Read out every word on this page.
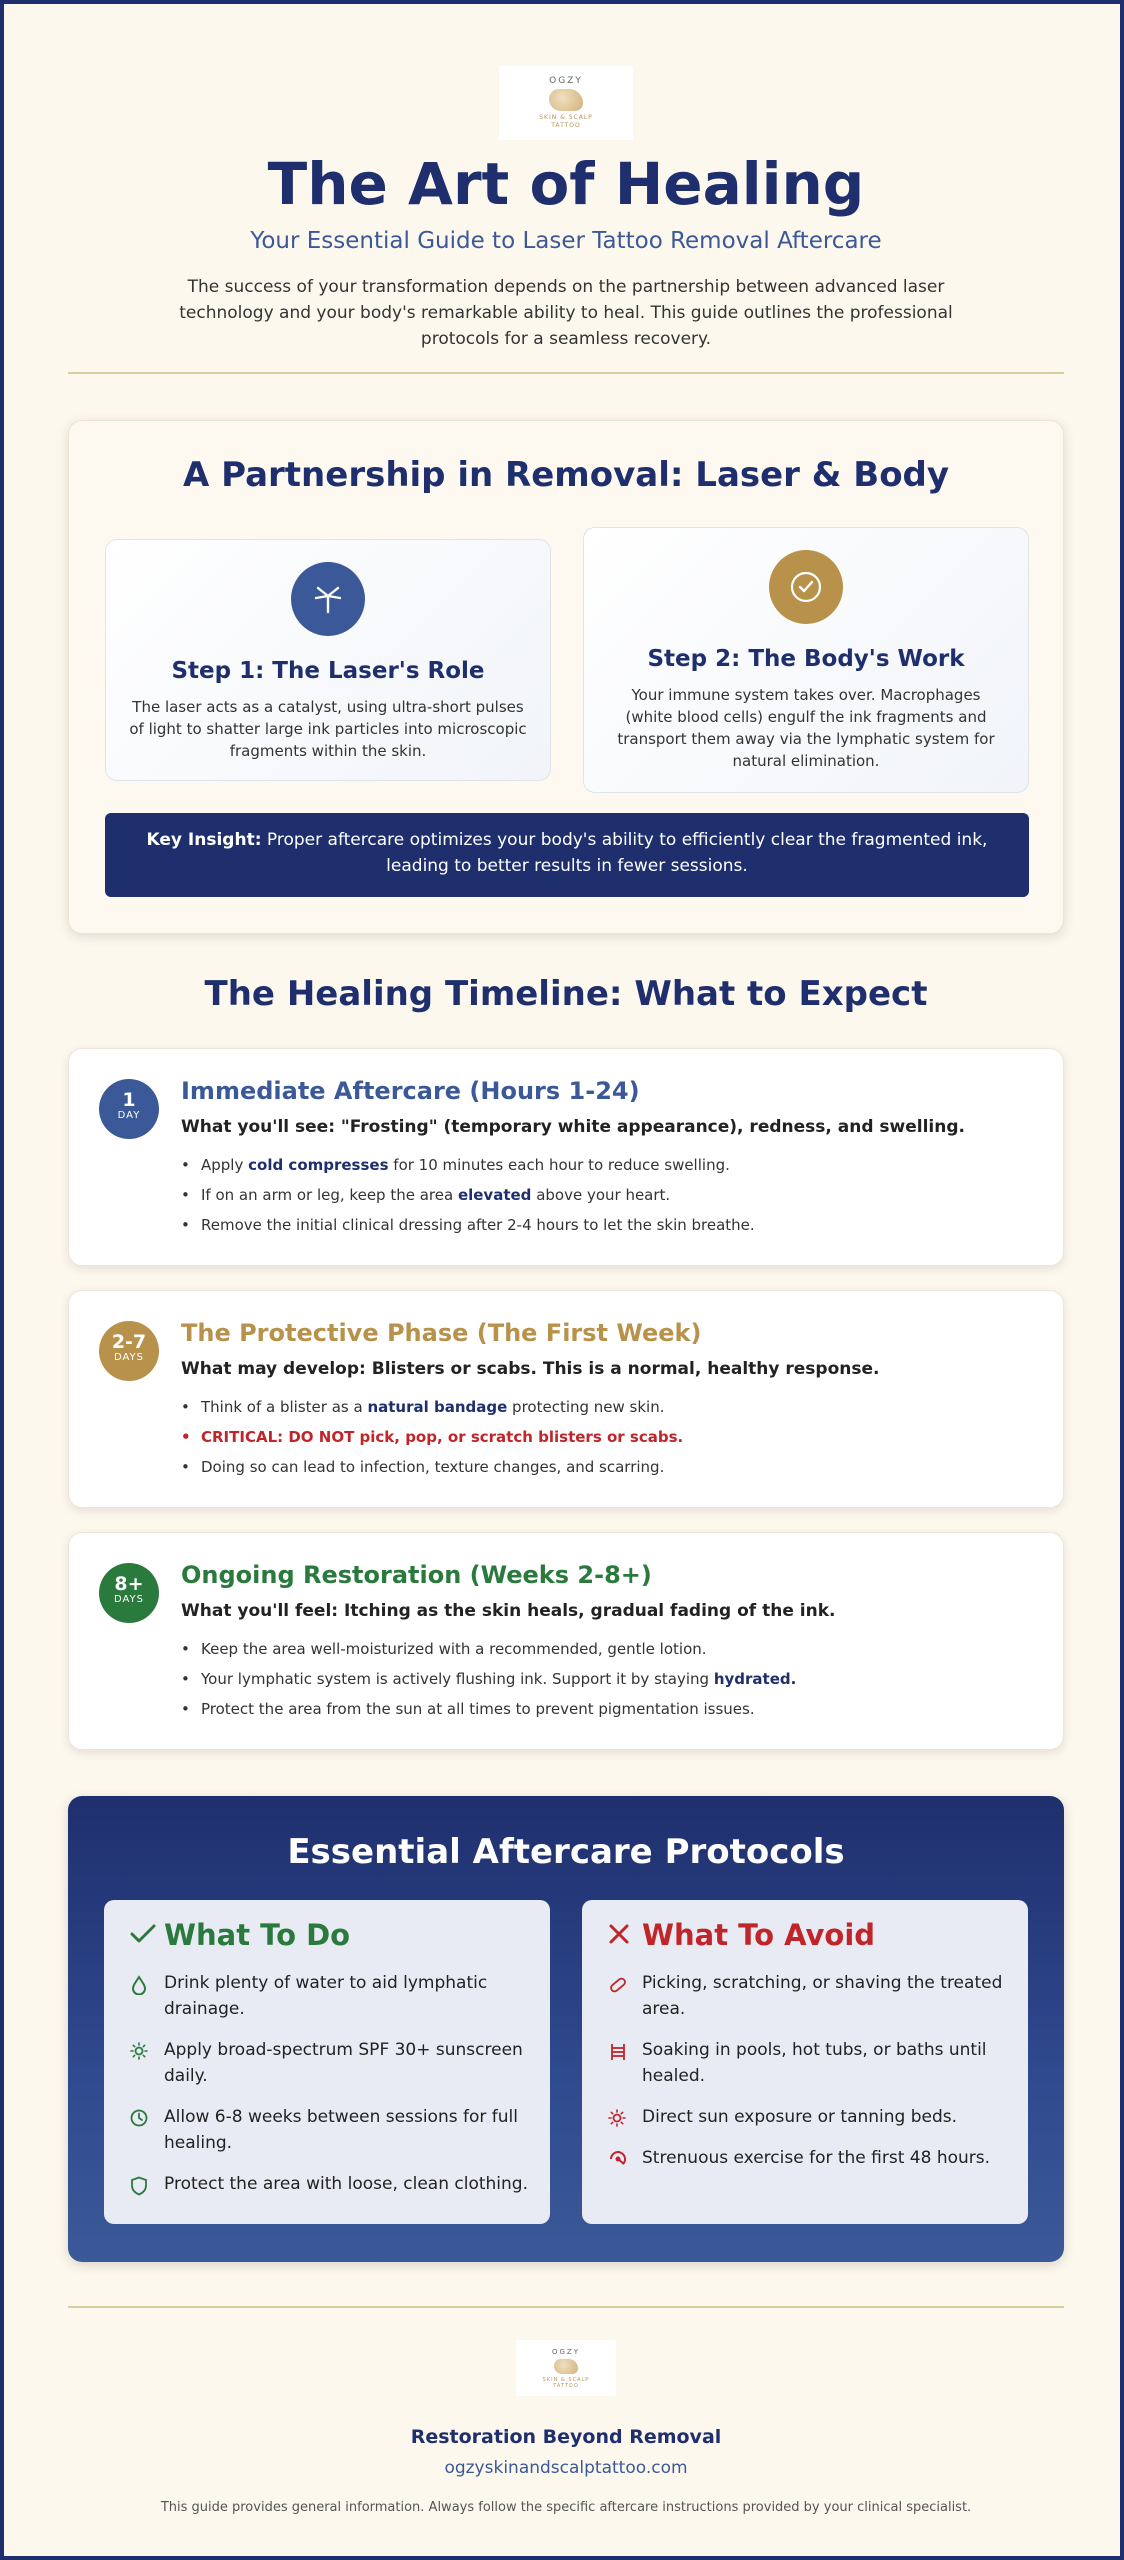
OGZY
SKIN & SCALP
TATTOO
The Art of Healing
Your Essential Guide to Laser Tattoo Removal Aftercare

The success of your transformation depends on the partnership between advanced laser technology and your body's remarkable ability to heal. This guide outlines the professional protocols for a seamless recovery.

A Partnership in Removal: Laser & Body
Step 1: The Laser's Role

The laser acts as a catalyst, using ultra-short pulses of light to shatter large ink particles into microscopic fragments within the skin.

Step 2: The Body's Work

Your immune system takes over. Macrophages (white blood cells) engulf the ink fragments and transport them away via the lymphatic system for natural elimination.

Key Insight: Proper aftercare optimizes your body's ability to efficiently clear the fragmented ink, leading to better results in fewer sessions.
The Healing Timeline: What to Expect
1
DAY
Immediate Aftercare (Hours 1-24)
What you'll see: "Frosting" (temporary white appearance), redness, and swelling.
• Apply cold compresses for 10 minutes each hour to reduce swelling.
• If on an arm or leg, keep the area elevated above your heart.
• Remove the initial clinical dressing after 2-4 hours to let the skin breathe.
2-7
DAYS
The Protective Phase (The First Week)
What may develop: Blisters or scabs. This is a normal, healthy response.
• Think of a blister as a natural bandage protecting new skin.
• CRITICAL: DO NOT pick, pop, or scratch blisters or scabs.
• Doing so can lead to infection, texture changes, and scarring.
8+
DAYS
Ongoing Restoration (Weeks 2-8+)
What you'll feel: Itching as the skin heals, gradual fading of the ink.
• Keep the area well-moisturized with a recommended, gentle lotion.
• Your lymphatic system is actively flushing ink. Support it by staying hydrated.
• Protect the area from the sun at all times to prevent pigmentation issues.
Essential Aftercare Protocols
What To Do
Drink plenty of water to aid lymphatic drainage.
Apply broad-spectrum SPF 30+ sunscreen daily.
Allow 6-8 weeks between sessions for full healing.
Protect the area with loose, clean clothing.
What To Avoid
Picking, scratching, or shaving the treated area.
Soaking in pools, hot tubs, or baths until healed.
Direct sun exposure or tanning beds.
Strenuous exercise for the first 48 hours.
OGZY
SKIN & SCALP
TATTOO
Restoration Beyond Removal
ogzyskinandscalptattoo.com
This guide provides general information. Always follow the specific aftercare instructions provided by your clinical specialist.
